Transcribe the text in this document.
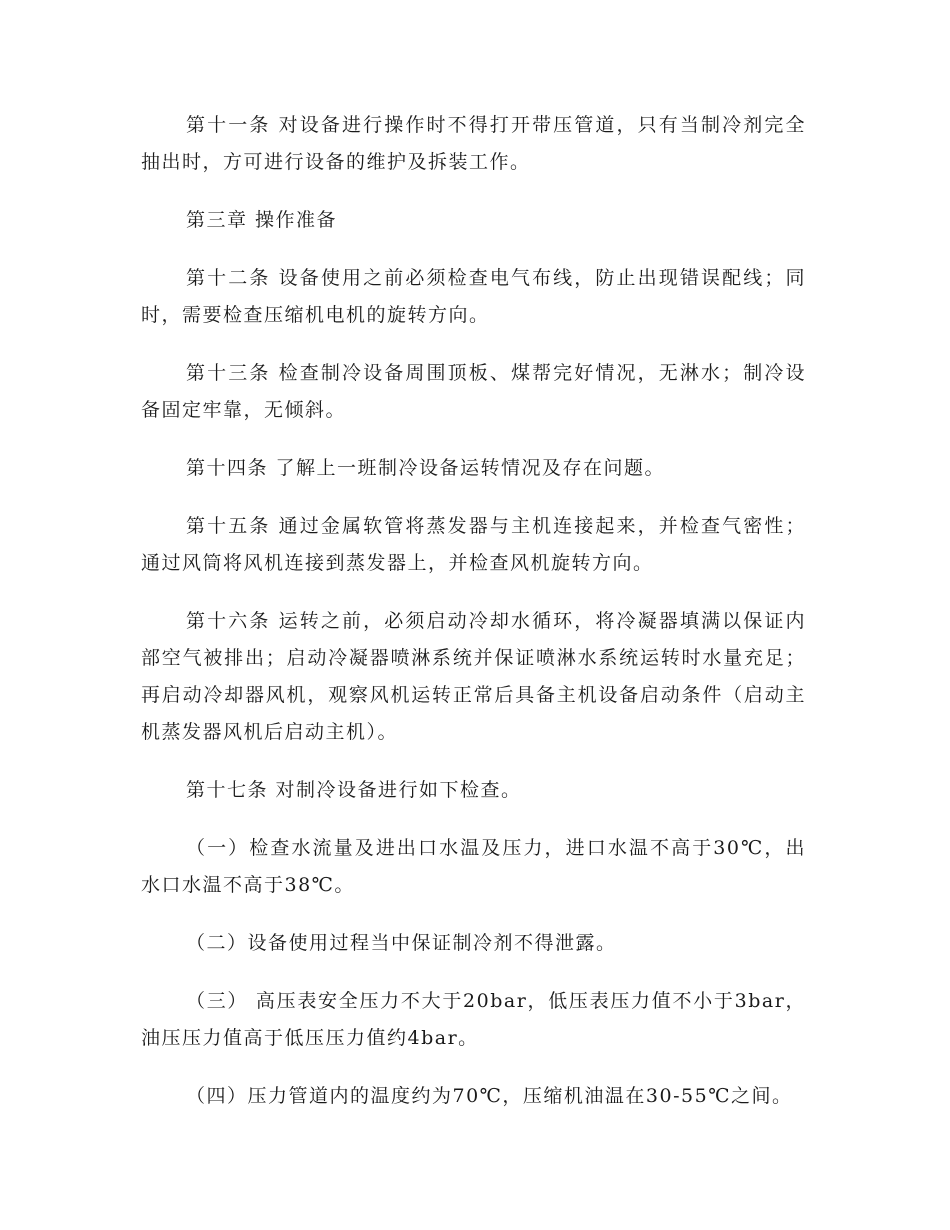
第十一条 对设备进行操作时不得打开带压管道，只有当制冷剂完全抽出时，方可进行设备的维护及拆装工作。

第三章 操作准备

第十二条 设备使用之前必须检查电气布线，防止出现错误配线；同时，需要检查压缩机电机的旋转方向。

第十三条 检查制冷设备周围顶板、煤帮完好情况，无淋水；制冷设备固定牢靠，无倾斜。

第十四条 了解上一班制冷设备运转情况及存在问题。

第十五条 通过金属软管将蒸发器与主机连接起来，并检查气密性；通过风筒将风机连接到蒸发器上，并检查风机旋转方向。

第十六条 运转之前，必须启动冷却水循环，将冷凝器填满以保证内部空气被排出；启动冷凝器喷淋系统并保证喷淋水系统运转时水量充足；再启动冷却器风机，观察风机运转正常后具备主机设备启动条件（启动主机蒸发器风机后启动主机）。

第十七条 对制冷设备进行如下检查。

（一）检查水流量及进出口水温及压力，进口水温不高于30℃，出水口水温不高于38℃。

（二）设备使用过程当中保证制冷剂不得泄露。

（三） 高压表安全压力不大于20bar，低压表压力值不小于3bar，油压压力值高于低压压力值约4bar。

（四）压力管道内的温度约为70℃，压缩机油温在30-55℃之间。
